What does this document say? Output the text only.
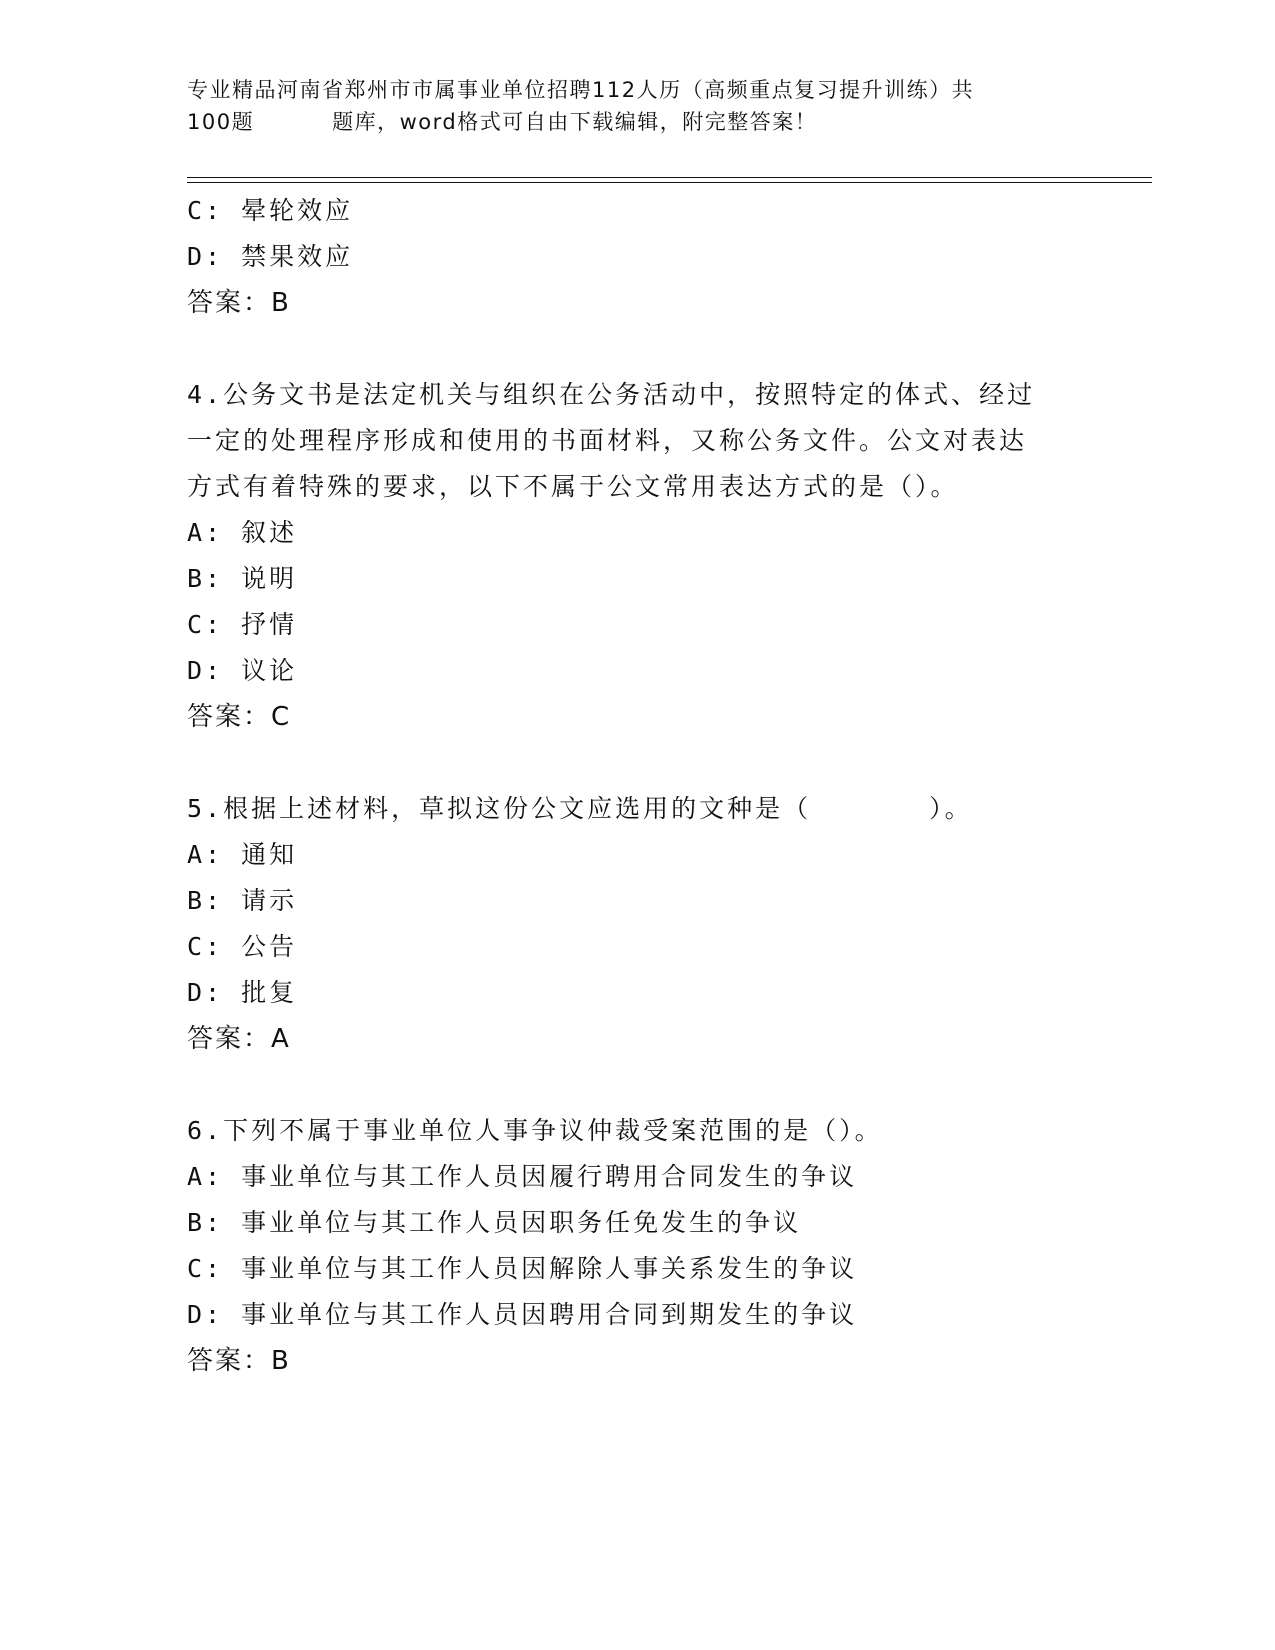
专业精品河南省郑州市市属事业单位招聘112人历（高频重点复习提升训练）共
100题	题库，word格式可自由下载编辑，附完整答案！
C: 晕轮效应
D: 禁果效应
答案：B
4.公务文书是法定机关与组织在公务活动中，按照特定的体式、经过
一定的处理程序形成和使用的书面材料，又称公务文件。公文对表达
方式有着特殊的要求，以下不属于公文常用表达方式的是（）。
A: 叙述
B: 说明
C: 抒情
D: 议论
答案：C
5.根据上述材料，草拟这份公文应选用的文种是（	）。
A: 通知
B: 请示
C: 公告
D: 批复
答案：A
6.下列不属于事业单位人事争议仲裁受案范围的是（）。
A: 事业单位与其工作人员因履行聘用合同发生的争议
B: 事业单位与其工作人员因职务任免发生的争议
C: 事业单位与其工作人员因解除人事关系发生的争议
D: 事业单位与其工作人员因聘用合同到期发生的争议
答案：B
